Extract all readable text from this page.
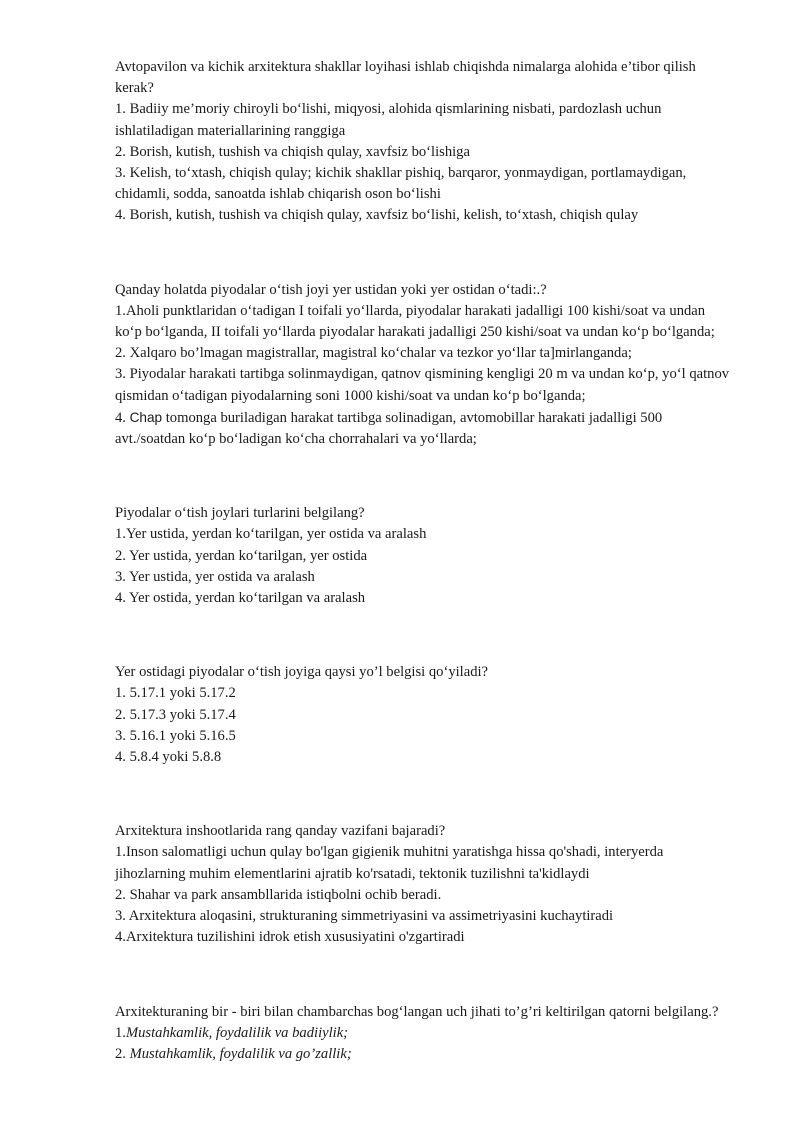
Avtopavilon va kichik arxitektura shakllar loyihasi ishlab chiqishda nimalarga alohida e’tibor qilish kerak?

1. Badiiy me’moriy chiroyli boʻlishi, miqyosi, alohida qismlarining nisbati, pardozlash uchun ishlatiladigan materiallarining ranggiga

2. Borish, kutish, tushish va chiqish qulay, xavfsiz boʻlishiga

3. Kelish, toʻxtash, chiqish qulay; kichik shakllar pishiq, barqaror, yonmaydigan, portlamaydigan, chidamli, sodda, sanoatda ishlab chiqarish oson boʻlishi

4. Borish, kutish, tushish va chiqish qulay, xavfsiz boʻlishi, kelish, toʻxtash, chiqish qulay

Qanday holatda piyodalar oʻtish joyi yer ustidan yoki yer ostidan oʻtadi:.?

1.Aholi punktlaridan oʻtadigan I toifali yoʻllarda, piyodalar harakati jadalligi 100 kishi/soat va undan koʻp boʻlganda, II toifali yoʻllarda piyodalar harakati jadalligi 250 kishi/soat va undan koʻp boʻlganda;

2. Xalqaro bo’lmagan magistrallar, magistral koʻchalar va tezkor yoʻllar ta]mirlanganda;

3. Piyodalar harakati tartibga solinmaydigan, qatnov qismining kengligi 20 m va undan koʻp, yoʻl qatnov qismidan oʻtadigan piyodalarning soni 1000 kishi/soat va undan koʻp boʻlganda;

4. Chap tomonga buriladigan harakat tartibga solinadigan, avtomobillar harakati jadalligi 500 avt./soatdan koʻp boʻladigan koʻcha chorrahalari va yoʻllarda;

Piyodalar oʻtish joylari turlarini belgilang?

1.Yer ustida, yerdan koʻtarilgan, yer ostida va aralash

2. Yer ustida, yerdan koʻtarilgan, yer ostida

3. Yer ustida, yer ostida va aralash

4. Yer ostida, yerdan koʻtarilgan va aralash

Yer ostidagi piyodalar oʻtish joyiga qaysi yo’l belgisi qoʻyiladi?

1. 5.17.1 yoki 5.17.2

2. 5.17.3 yoki 5.17.4

3. 5.16.1 yoki 5.16.5

4. 5.8.4 yoki 5.8.8

Arxitektura inshootlarida rang qanday vazifani bajaradi?

1.Inson salomatligi uchun qulay bo'lgan gigienik muhitni yaratishga hissa qo'shadi, interyerda jihozlarning muhim elementlarini ajratib ko'rsatadi, tektonik tuzilishni ta'kidlaydi

2. Shahar va park ansambllarida istiqbolni ochib beradi.

3. Arxitektura aloqasini, strukturaning simmetriyasini va assimetriyasini kuchaytiradi

4.Arxitektura tuzilishini idrok etish xususiyatini o'zgartiradi

Arxitekturaning bir - biri bilan chambarchas bogʻlangan uch jihati to’g’ri keltirilgan qatorni belgilang.?

1.Mustahkamlik, foydalilik va badiiylik;

2. Mustahkamlik, foydalilik va go’zallik;
